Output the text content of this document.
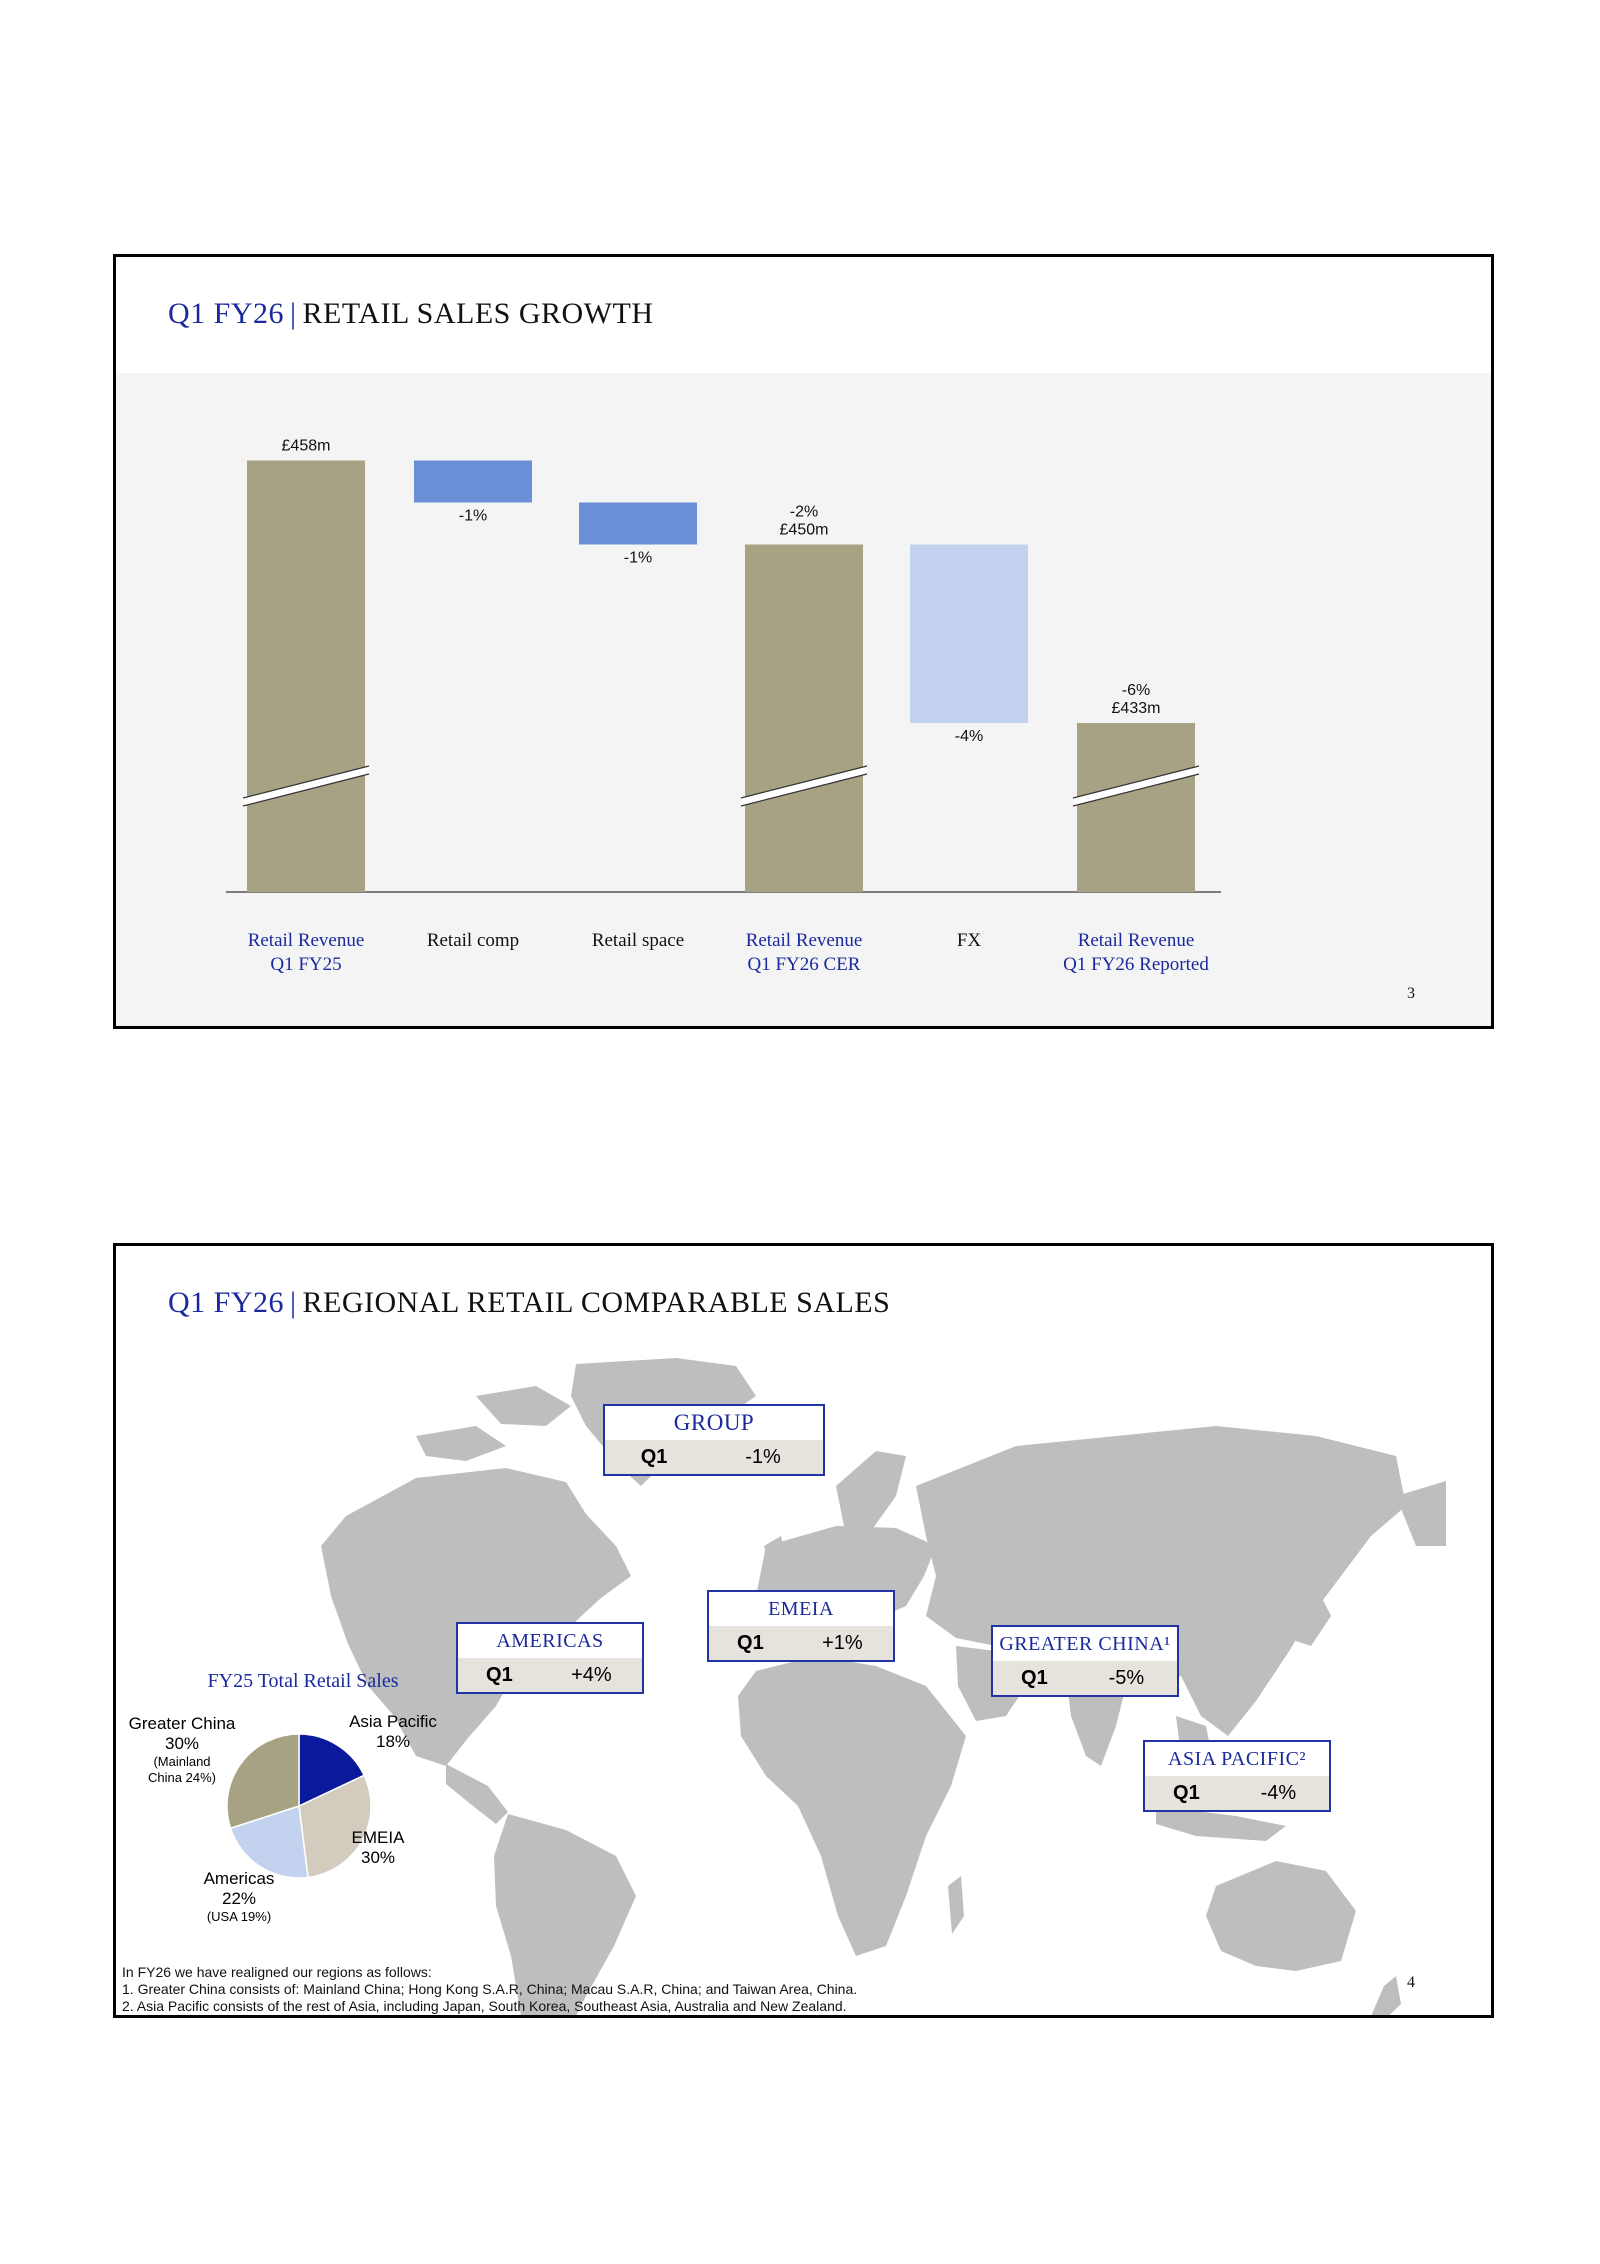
Q1 FY26 | RETAIL SALES GROWTH
£458m
-1%
-1%
-2%
£450m
-4%
-6%
£433m
Retail Revenue
Q1 FY25
Retail comp	Retail space	Retail Revenue
Q1 FY26 CER
FX	Retail Revenue
Q1 FY26 Reported
3
Q1 FY26 | REGIONAL RETAIL COMPARABLE SALES
GROUP
Q1	-1%
AMERICAS
Q1	+4%
EMEIA
Q1	+1%	GREATER CHINA¹
Q1	-5%
ASIA PACIFIC²
Q1	-4%
FY25 Total Retail Sales
Asia Pacific
18%
EMEIA
30%
Americas
22%
(USA 19%)
Greater China
30%
(Mainland
China 24%)
In FY26 we have realigned our regions as follows:
1. Greater China consists of: Mainland China; Hong Kong S.A.R, China; Macau S.A.R, China; and Taiwan Area, China.
2. Asia Pacific consists of the rest of Asia, including Japan, South Korea, Southeast Asia, Australia and New Zealand.
4
